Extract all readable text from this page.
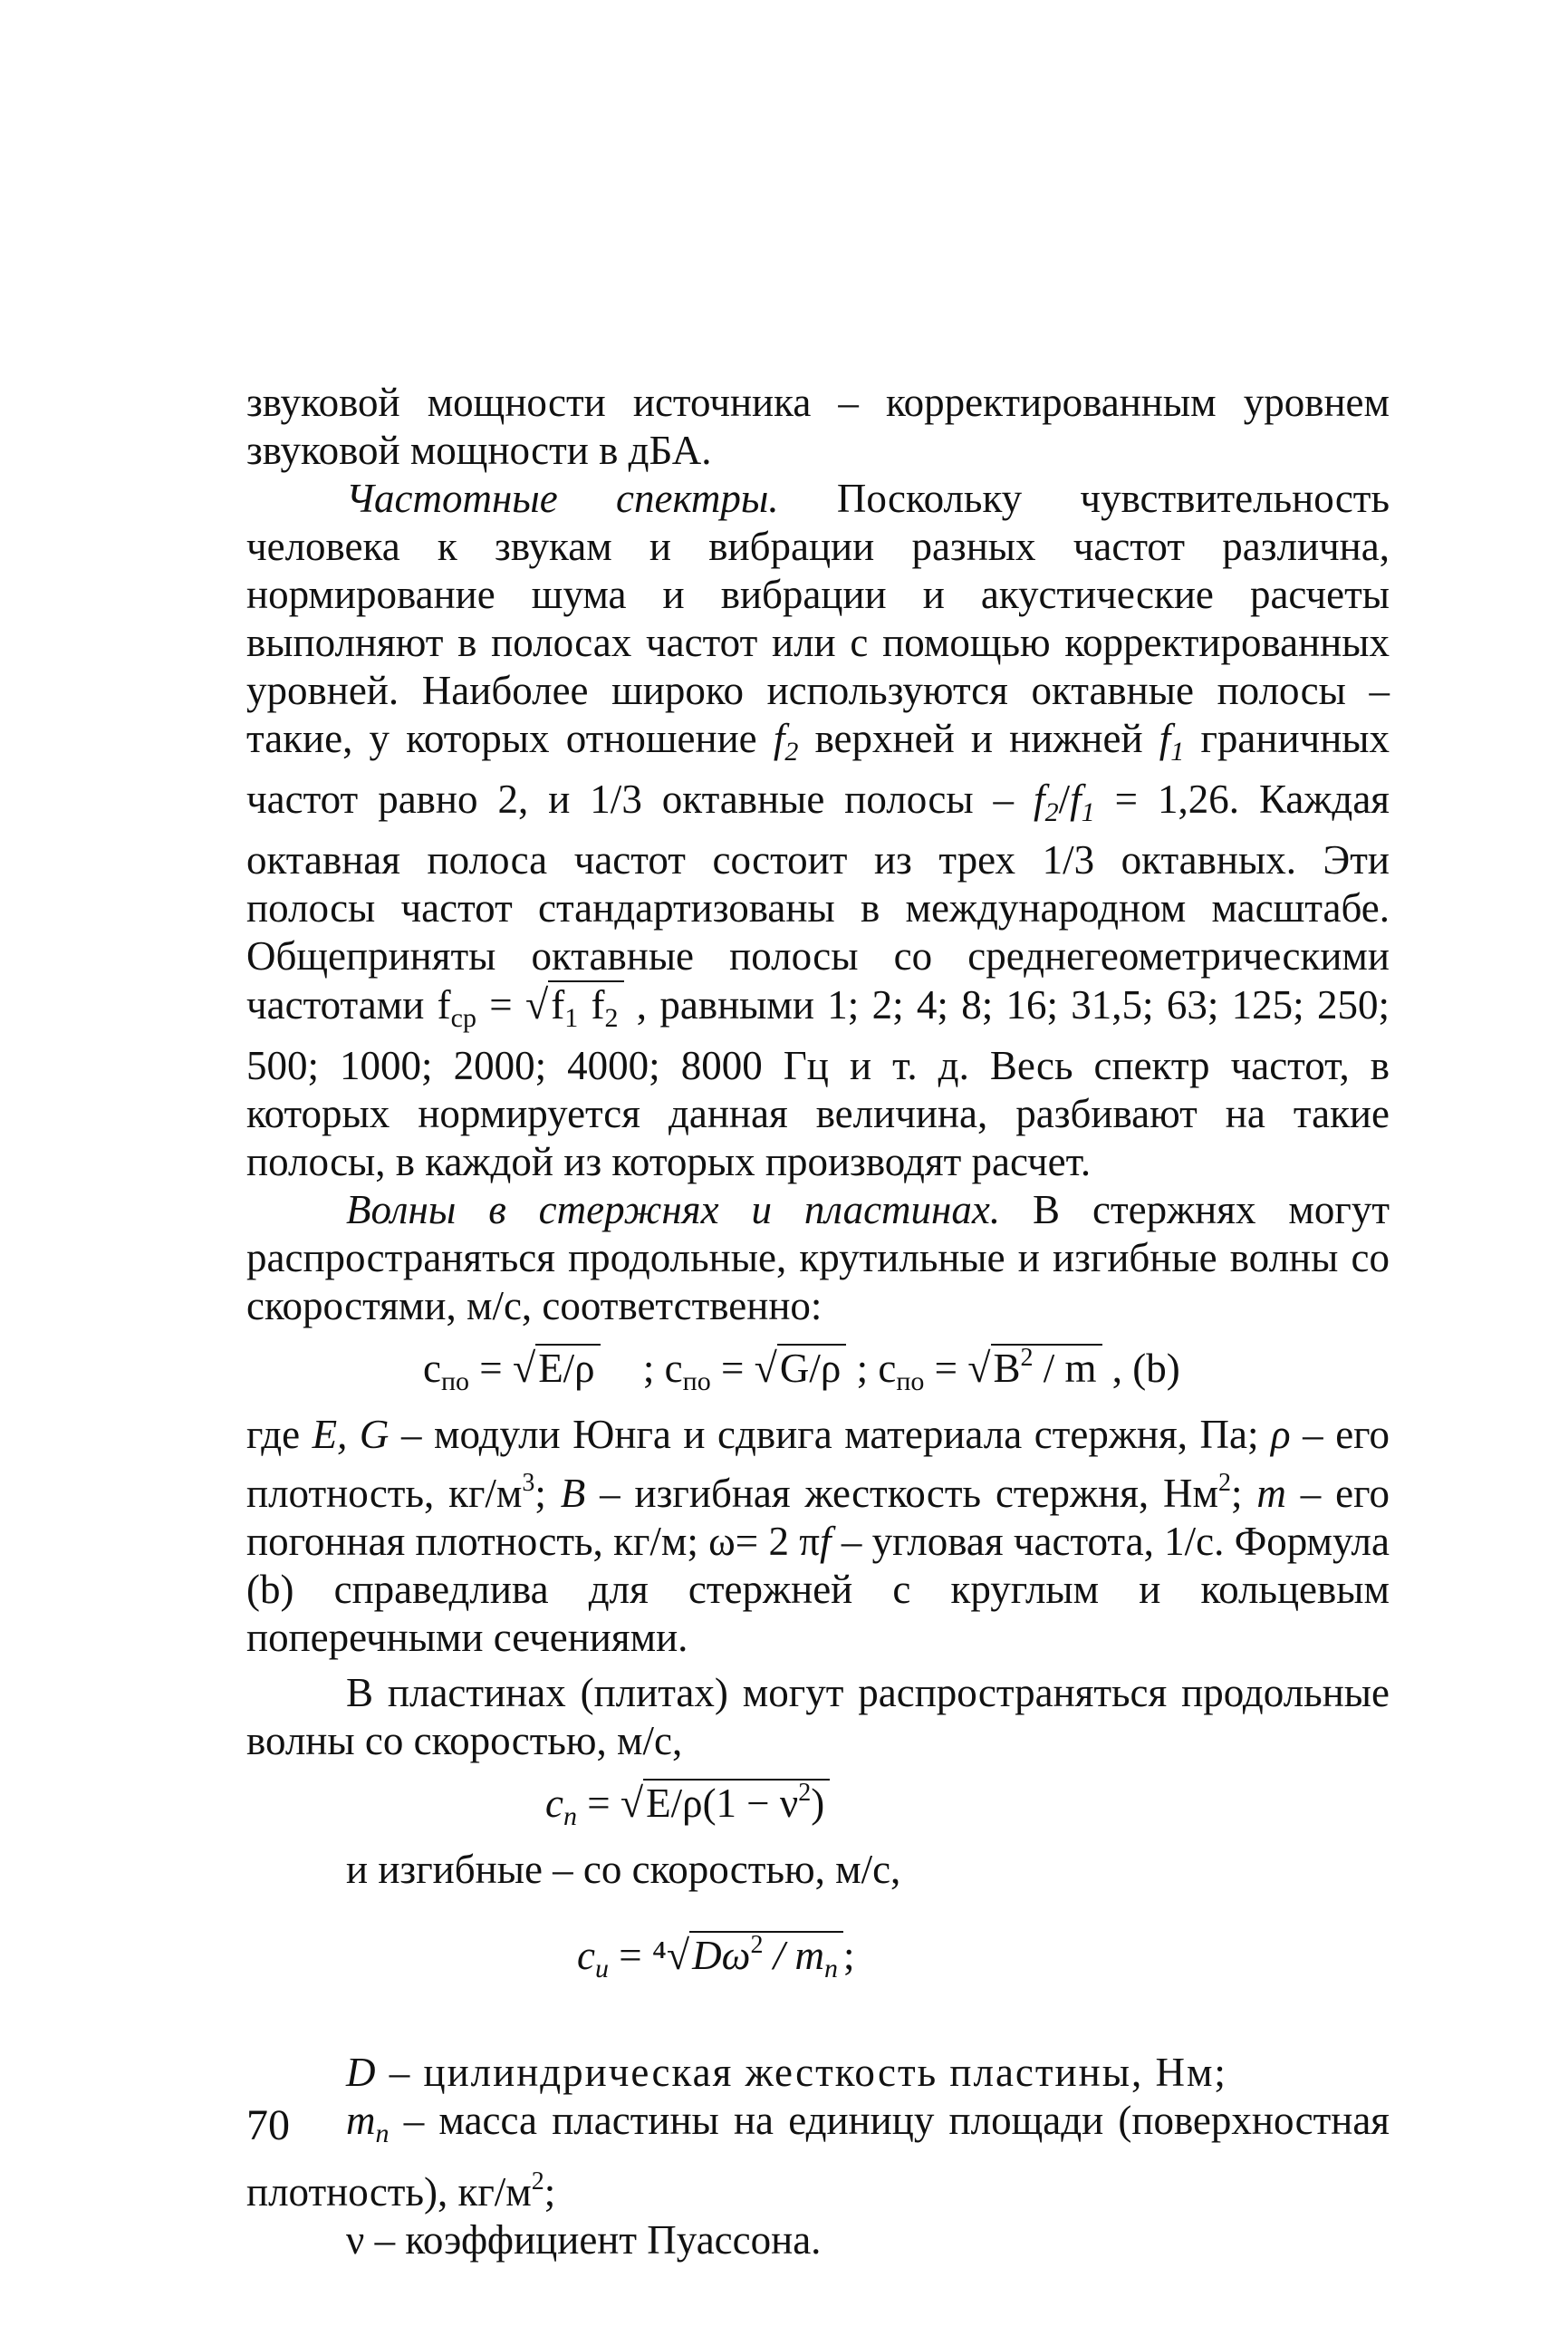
звуковой мощности источника – корректированным уровнем звуковой мощности в дБА.

Частотные спектры. Поскольку чувствительность человека к звукам и вибрации разных частот различна, нормирование шума и вибрации и акустические расчеты выполняют в полосах частот или с помощью корректированных уровней. Наиболее широко используются октавные полосы – такие, у которых отношение $f_2$ верхней и нижней $f_1$ граничных частот равно 2, и 1/3 октавные полосы – $f_2/f_1 = 1,26$. Каждая октавная полоса частот состоит из трех 1/3 октавных. Эти полосы частот стандартизованы в международном масштабе. Общеприняты октавные полосы со среднегеометрическими частотами $f_{ср} = √f_1$ $f_2$ , равными 1; 2; 4; 8; 16; 31,5; 63; 125; 250; 500; 1000; 2000; 4000; 8000 Гц и т. д. Весь спектр частот, в которых нормируется данная величина, разбивают на такие полосы, в каждой из которых производят расчет.

Волны в стержнях и пластинах. В стержнях могут распространяться продольные, крутильные и изгибные волны со скоростями, м/с, соответственно:

$c_{по} = √E/\rho$ ; $c_{по} = √G/\rho$ ; $c_{по} = √B^2 / m$ , (b)

где E, G – модули Юнга и сдвига материала стержня, Па; ρ – его плотность, $кг/м^3$; B – изгибная жесткость стержня, $Нм^2$; m – его погонная плотность, кг/м; ω= 2 πf – угловая частота, 1/с. Формула (b) справедлива для стержней с круглым и кольцевым поперечными сечениями.

В пластинах (плитах) могут распространяться продольные волны со скоростью, м/с,

$c_n = √E/\rho(1 - \nu^2)$

и изгибные – со скоростью, м/с,

$c_и = ^4√D\omega^2 / m_n$ ;

D – цилиндрическая жесткость пластины, Нм;

$m_n$ – масса пластины на единицу площади (поверхностная плотность), $кг/м^2$;

ν – коэффициент Пуассона.

70
